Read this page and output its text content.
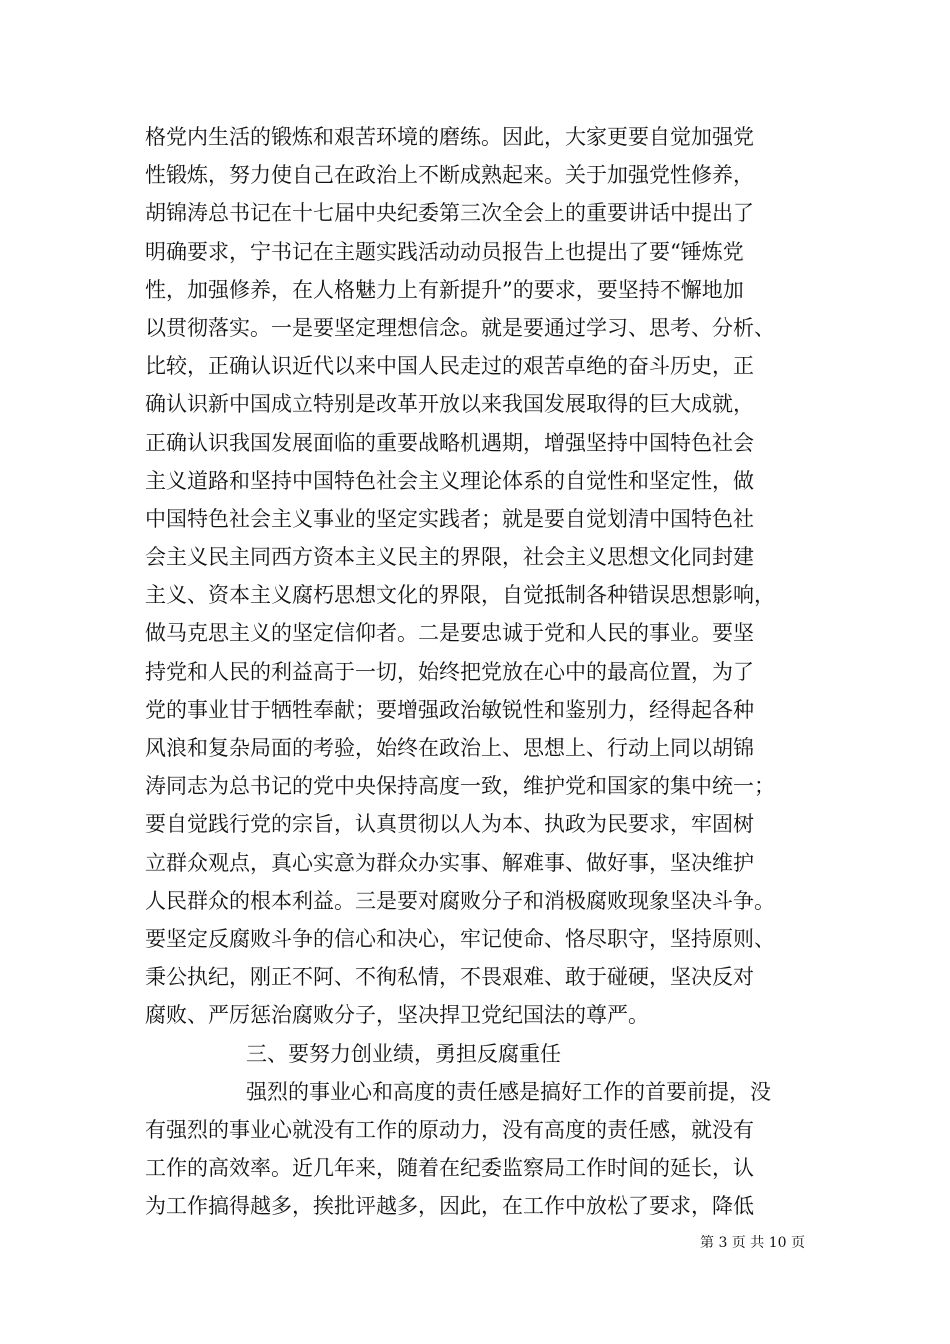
格党内生活的锻炼和艰苦环境的磨练。因此，大家更要自觉加强党
性锻炼，努力使自己在政治上不断成熟起来。关于加强党性修养，
胡锦涛总书记在十七届中央纪委第三次全会上的重要讲话中提出了
明确要求，宁书记在主题实践活动动员报告上也提出了要“锤炼党
性，加强修养，在人格魅力上有新提升”的要求，要坚持不懈地加
以贯彻落实。一是要坚定理想信念。就是要通过学习、思考、分析、
比较，正确认识近代以来中国人民走过的艰苦卓绝的奋斗历史，正
确认识新中国成立特别是改革开放以来我国发展取得的巨大成就，
正确认识我国发展面临的重要战略机遇期，增强坚持中国特色社会
主义道路和坚持中国特色社会主义理论体系的自觉性和坚定性，做
中国特色社会主义事业的坚定实践者；就是要自觉划清中国特色社
会主义民主同西方资本主义民主的界限，社会主义思想文化同封建
主义、资本主义腐朽思想文化的界限，自觉抵制各种错误思想影响，
做马克思主义的坚定信仰者。二是要忠诚于党和人民的事业。要坚
持党和人民的利益高于一切，始终把党放在心中的最高位置，为了
党的事业甘于牺牲奉献；要增强政治敏锐性和鉴别力，经得起各种
风浪和复杂局面的考验，始终在政治上、思想上、行动上同以胡锦
涛同志为总书记的党中央保持高度一致，维护党和国家的集中统一；
要自觉践行党的宗旨，认真贯彻以人为本、执政为民要求，牢固树
立群众观点，真心实意为群众办实事、解难事、做好事，坚决维护
人民群众的根本利益。三是要对腐败分子和消极腐败现象坚决斗争。
要坚定反腐败斗争的信心和决心，牢记使命、恪尽职守，坚持原则、
秉公执纪，刚正不阿、不徇私情，不畏艰难、敢于碰硬，坚决反对
腐败、严厉惩治腐败分子，坚决捍卫党纪国法的尊严。
三、要努力创业绩，勇担反腐重任
强烈的事业心和高度的责任感是搞好工作的首要前提，没
有强烈的事业心就没有工作的原动力，没有高度的责任感，就没有
工作的高效率。近几年来，随着在纪委监察局工作时间的延长，认
为工作搞得越多，挨批评越多，因此，在工作中放松了要求，降低
第 3 页 共 10 页
